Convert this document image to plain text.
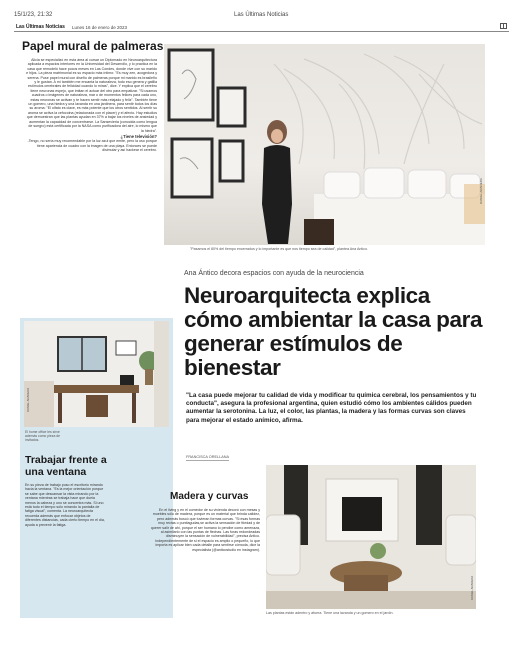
15/1/23, 21:32	Las Últimas Noticias
Las Últimas Noticias Lunes 16 de enero de 2023
Papel mural de palmeras

Alicia se especializó en esta área al cursar un Diplomado en Neuroarquitectura aplicada a espacios interiores en la Universidad del Desarrollo, y lo practica en la casa que remodeló hace pocos meses en Las Condes, donde vive con su marido e hijos. La pieza matrimonial es su espacio más íntimo: "Es muy zen, acogedora y serena. Puse papel mural con diseño de palmeras porque mi marido es brasileño y le gustan. A mí también me encanta la naturaleza, todo eso genera y gatilla estímulos cerebrales de felicidad cuando lo miras", dice. Y explica que el cerebro tiene neuronas espejo, que imitan el actuar del otro para empatizar. "Si usamos cuadros o imágenes de naturaleza, mar o de momentos felices para cada uno, estas neuronas se activan y te hacen sentir más relajado y feliz". También tiene un gomero, una hiedra y una lavanda en una jardinera, para sentir todos los días su aroma: "El olfato es clave, es más potente que los otros sentidos. Al sentir su aroma se activa la cefocoina (relacionada con el placer) y el afecto. Hay estudios que demuestran que las plantas ayudan en 37% a bajar los niveles de ansiedad y aumentan la capacidad de concentrarse. La Sansevieria (conocida como lengua de suegro) está certificada por la NASA como purificadora del aire, lo mismo que la hiedra".

¿Tiene televisión?

-Tengo, no sería muy recomendable por la luz azul que emite, pero la uso porque tiene apariencia de cuadro con la imagen de una playa. Entonces se puede disimular y así hackear el cerebro.

DANIEL ARANEDA
"Pasamos el 80% del tiempo encerrados y lo importante es que nos tiempo sea de calidad", plantea Ana Antico.
Ana Ántico decora espacios con ayuda de la neurociencia
Neuroarquitecta explica cómo ambientar la casa para generar estímulos de bienestar
"La casa puede mejorar tu calidad de vida y modificar tu química cerebral, los pensamientos y tu conducta", asegura la profesional argentina, quien estudió cómo los ambientes cálidos pueden aumentar la serotonina. La luz, el color, las plantas, la madera y las formas curvas son claves para mejorar el estado anímico, afirma.
FRANCISCA ORELLANA
DANIEL ARANEDA
El home office les sirve además como pieza de invitados.
Trabajar frente a una ventana
En su pieza de trabajo puso el escritorio mirando hacia la ventana. "Es la mejor orientación porque se sabe que descansar la vista mirando por la ventana mientras se trabaja hace que duela menos la cabeza y uno se concentra más. Si uno está todo el tiempo sólo mirando la pantalla de fatiga visual", comenta. La neuroarquitecta recuerda además que enfocar objetos de diferentes distancias, cada cierto tiempo en el día, ayuda a prevenir la fatiga.
Madera y curvas
En el living y en el comedor de su vivienda decoró con mesas y muebles sólo de madera, porque es un material que brinda calidez, pero además buscó que tuvieran formas curvas. "Si esas formas muy rectas o puntiagudas,se activa la sensación de ttiedad y de querer salir de ahí, porque el ser humano lo percibe como amenaza, al asimilarlo con las puntas de flechas. Las foras redondeadas disminuyen la sensación de vulnerabilidad", precisa Antico. Independientemente de si el espacio es amplio o pequeño, lo que importa es aplicar bien cada detalle para sentirse cómoda, dice la especialista (@anticostudio en instagram).
DANIEL ARANEDA
Las plantas están adentro y afuera. Tiene una lavanda y un gomero en el jardín.
